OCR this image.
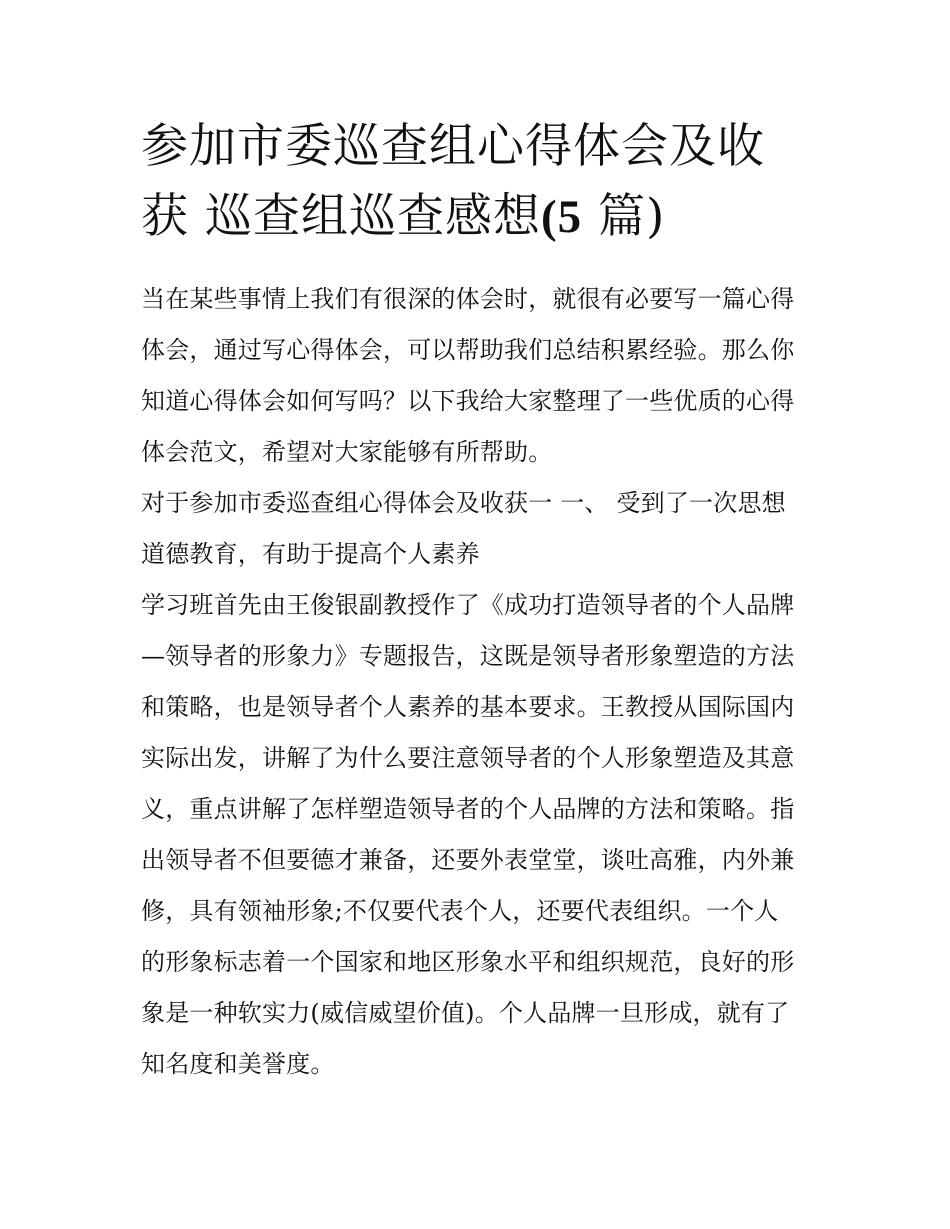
参加市委巡查组心得体会及收
获 巡查组巡查感想(5 篇)
当在某些事情上我们有很深的体会时，就很有必要写一篇心得
体会，通过写心得体会，可以帮助我们总结积累经验。那么你
知道心得体会如何写吗？以下我给大家整理了一些优质的心得
体会范文，希望对大家能够有所帮助。
对于参加市委巡查组心得体会及收获一 一、 受到了一次思想
道德教育，有助于提高个人素养
学习班首先由王俊银副教授作了《成功打造领导者的个人品牌
—领导者的形象力》专题报告，这既是领导者形象塑造的方法
和策略，也是领导者个人素养的基本要求。王教授从国际国内
实际出发，讲解了为什么要注意领导者的个人形象塑造及其意
义，重点讲解了怎样塑造领导者的个人品牌的方法和策略。指
出领导者不但要德才兼备，还要外表堂堂，谈吐高雅，内外兼
修，具有领袖形象;不仅要代表个人，还要代表组织。一个人
的形象标志着一个国家和地区形象水平和组织规范，良好的形
象是一种软实力(威信威望价值)。个人品牌一旦形成，就有了
知名度和美誉度。
